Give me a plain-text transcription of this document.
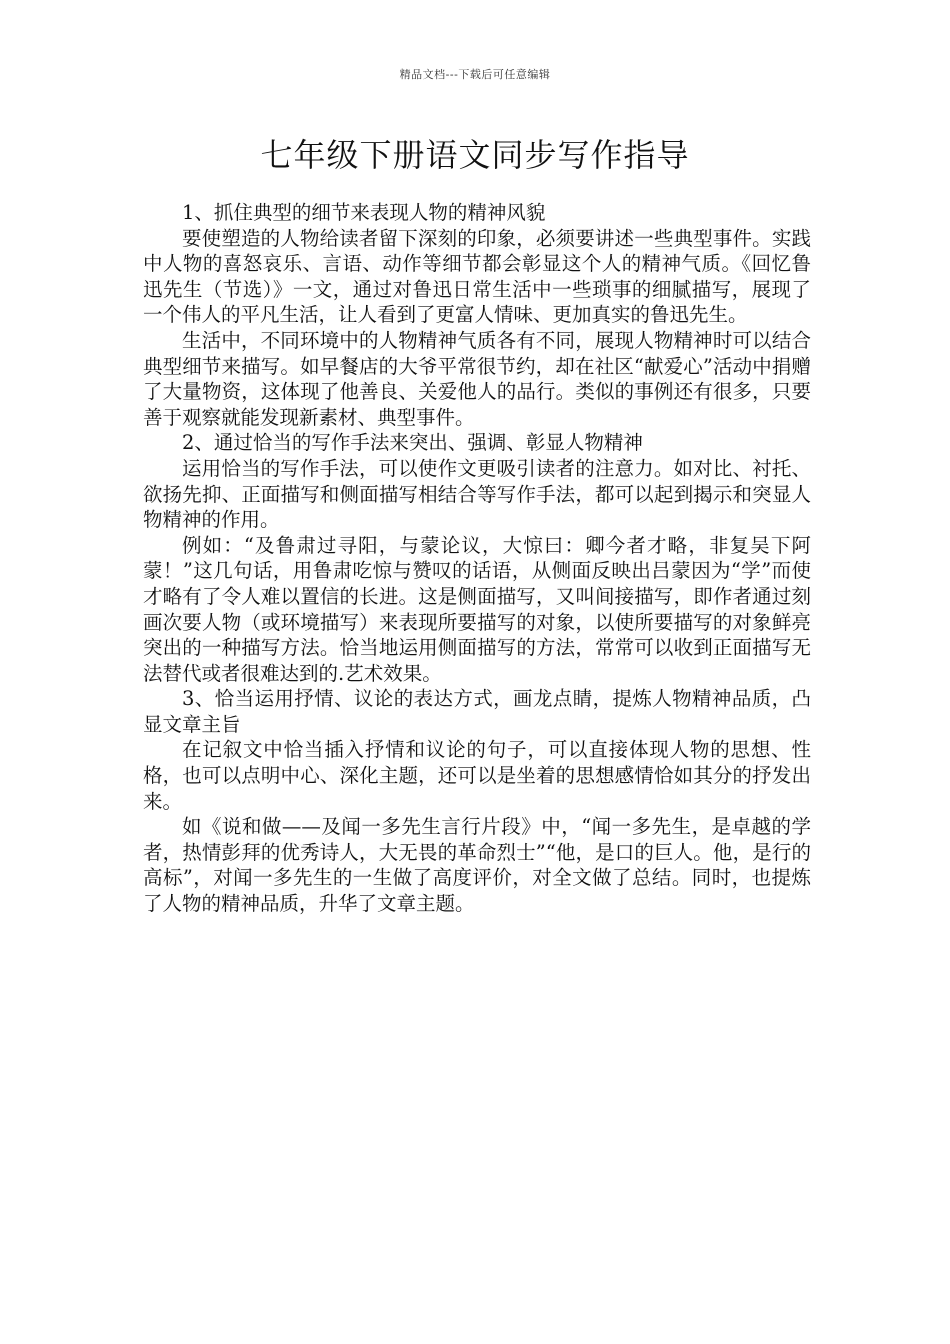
精品文档---下载后可任意编辑
七年级下册语文同步写作指导

1、抓住典型的细节来表现人物的精神风貌

要使塑造的人物给读者留下深刻的印象，必须要讲述一些典型事件。实践中人物的喜怒哀乐、言语、动作等细节都会彰显这个人的精神气质。《回忆鲁迅先生（节选）》一文，通过对鲁迅日常生活中一些琐事的细腻描写，展现了一个伟人的平凡生活，让人看到了更富人情味、更加真实的鲁迅先生。

生活中，不同环境中的人物精神气质各有不同，展现人物精神时可以结合典型细节来描写。如早餐店的大爷平常很节约，却在社区“献爱心”活动中捐赠了大量物资，这体现了他善良、关爱他人的品行。类似的事例还有很多，只要善于观察就能发现新素材、典型事件。

2、通过恰当的写作手法来突出、强调、彰显人物精神

运用恰当的写作手法，可以使作文更吸引读者的注意力。如对比、衬托、欲扬先抑、正面描写和侧面描写相结合等写作手法，都可以起到揭示和突显人物精神的作用。

例如：“及鲁肃过寻阳，与蒙论议，大惊曰：卿今者才略，非复吴下阿蒙！”这几句话，用鲁肃吃惊与赞叹的话语，从侧面反映出吕蒙因为“学”而使才略有了令人难以置信的长进。这是侧面描写，又叫间接描写，即作者通过刻画次要人物（或环境描写）来表现所要描写的对象，以使所要描写的对象鲜亮突出的一种描写方法。恰当地运用侧面描写的方法，常常可以收到正面描写无法替代或者很难达到的.艺术效果。

3、恰当运用抒情、议论的表达方式，画龙点睛，提炼人物精神品质，凸显文章主旨

在记叙文中恰当插入抒情和议论的句子，可以直接体现人物的思想、性格，也可以点明中心、深化主题，还可以是坐着的思想感情恰如其分的抒发出来。

如《说和做——及闻一多先生言行片段》中，“闻一多先生，是卓越的学者，热情彭拜的优秀诗人，大无畏的革命烈士”“他，是口的巨人。他，是行的高标”，对闻一多先生的一生做了高度评价，对全文做了总结。同时，也提炼了人物的精神品质，升华了文章主题。
